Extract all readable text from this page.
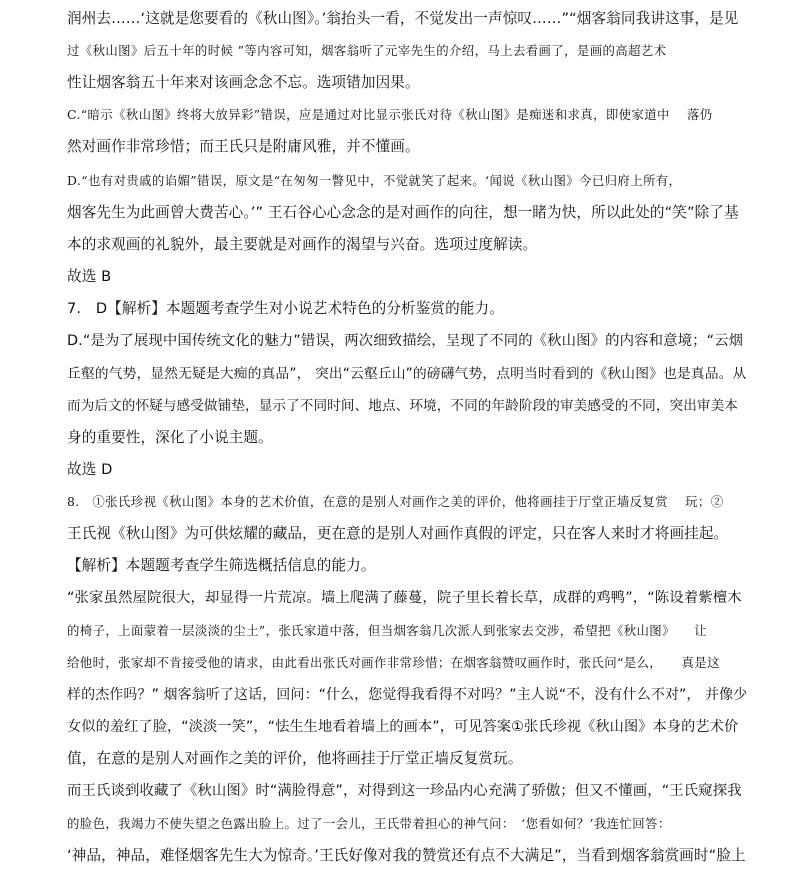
润州去……‘这就是您要看的《秋山图》。’翁抬头一看，不觉发出一声惊叹……”“烟客翁同我讲这事，是见
过《秋山图》后五十年的时候 ”等内容可知，烟客翁听了元宰先生的介绍，马上去看画了，是画的高超艺术
性让烟客翁五十年来对该画念念不忘。选项错加因果。
C.“暗示《秋山图》终将大放异彩”错误，应是通过对比显示张氏对待《秋山图》是痴迷和求真，即使家道中　 落仍
然对画作非常珍惜；而王氏只是附庸风雅，并不懂画。
D.“也有对贵戚的谄媚”错误，原文是“在匆匆一瞥见中，不觉就笑了起来。‘闻说《秋山图》今已归府上所有，
烟客先生为此画曾大费苦心。’” 王石谷心心念念的是对画作的向往，想一睹为快，所以此处的“笑”除了基
本的求观画的礼貌外，最主要就是对画作的渴望与兴奋。选项过度解读。
故选 B
7.　D【解析】本题题考查学生对小说艺术特色的分析鉴赏的能力。
D.“是为了展现中国传统文化的魅力”错误，两次细致描绘，呈现了不同的《秋山图》的内容和意境；“云烟
丘壑的气势，显然无疑是大痴的真品”， 突出“云壑丘山”的磅礴气势，点明当时看到的《秋山图》也是真品。从
而为后文的怀疑与感受做铺垫，显示了不同时间、地点、环境，不同的年龄阶段的审美感受的不同，突出审美本
身的重要性，深化了小说主题。
故选 D
8.　①张氏珍视《秋山图》本身的艺术价值，在意的是别人对画作之美的评价，他将画挂于厅堂正墙反复赏　 玩；②
王氏视《秋山图》为可供炫耀的藏品，更在意的是别人对画作真假的评定，只在客人来时才将画挂起。
【解析】本题题考查学生筛选概括信息的能力。
“张家虽然屋院很大，却显得一片荒凉。墙上爬满了藤蔓，院子里长着长草，成群的鸡鸭”，“陈设着紫檀木
的椅子，上面蒙着一层淡淡的尘土”，张氏家道中落，但当烟客翁几次派人到张家去交涉，希望把《秋山图》　　让
给他时，张家却不肯接受他的请求，由此看出张氏对画作非常珍惜；在烟客翁赞叹画作时，张氏问“是么，　　真是这
样的杰作吗？” 烟客翁听了这话，回问：“什么，您觉得我看得不对吗？”主人说“不，没有什么不对”， 并像少
女似的羞红了脸，“淡淡一笑”，“怯生生地看着墙上的画本”，可见答案①张氏珍视《秋山图》本身的艺术价
值，在意的是别人对画作之美的评价，他将画挂于厅堂正墙反复赏玩。
而王氏谈到收藏了《秋山图》时“满脸得意”，对得到这一珍品内心充满了骄傲；但又不懂画，“王氏窥探我
的脸色，我竭力不使失望之色露出脸上。过了一会儿，王氏带着担心的神气问：　‘您看如何？’我连忙回答：
‘神品，神品，难怪烟客先生大为惊奇。’王氏好像对我的赞赏还有点不大满足”，当看到烟客翁赏画时“脸上
